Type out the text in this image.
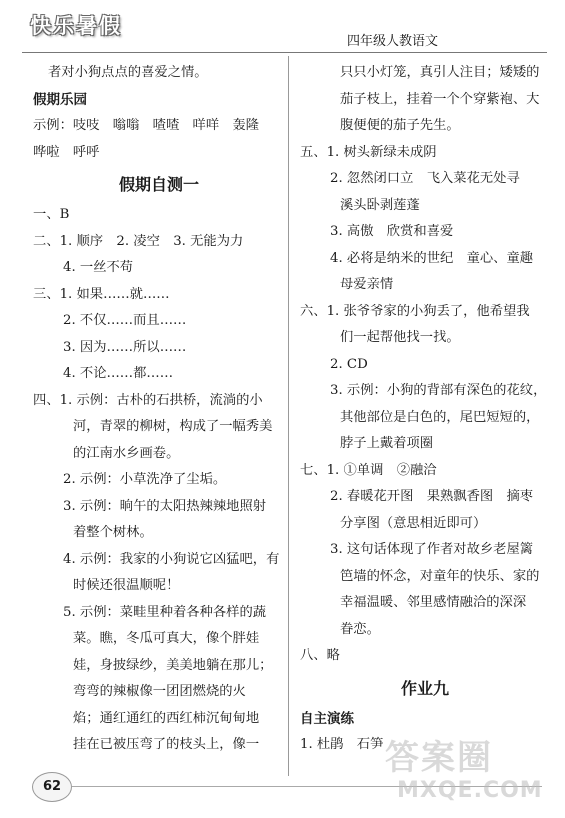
快乐暑假
四年级人教语文
者对小狗点点的喜爱之情。
假期乐园
示例：吱吱　嗡嗡　喳喳　咩咩　轰隆
哗啦　呼呼
假期自测一
一、B
二、1. 顺序　2. 凌空　3. 无能为力
4. 一丝不苟
三、1. 如果……就……
2. 不仅……而且……
3. 因为……所以……
4. 不论……都……
四、1. 示例：古朴的石拱桥，流淌的小
河，青翠的柳树，构成了一幅秀美
的江南水乡画卷。
2. 示例：小草洗净了尘垢。
3. 示例：晌午的太阳热辣辣地照射
着整个树林。
4. 示例：我家的小狗说它凶猛吧，有
时候还很温顺呢！
5. 示例：菜畦里种着各种各样的蔬
菜。瞧，冬瓜可真大，像个胖娃
娃，身披绿纱，美美地躺在那儿；
弯弯的辣椒像一团团燃烧的火
焰；通红通红的西红柿沉甸甸地
挂在已被压弯了的枝头上，像一
只只小灯笼，真引人注目；矮矮的
茄子枝上，挂着一个个穿紫袍、大
腹便便的茄子先生。
五、1. 树头新绿未成阴
2. 忽然闭口立　飞入菜花无处寻
溪头卧剥莲蓬
3. 高傲　欣赏和喜爱
4. 必将是纳米的世纪　童心、童趣
母爱亲情
六、1. 张爷爷家的小狗丢了，他希望我
们一起帮他找一找。
2. CD
3. 示例：小狗的背部有深色的花纹，
其他部位是白色的，尾巴短短的，
脖子上戴着项圈
七、1. ①单调　②融洽
2. 春暖花开图　果熟飘香图　摘枣
分享图（意思相近即可）
3. 这句话体现了作者对故乡老屋篱
笆墙的怀念，对童年的快乐、家的
幸福温暖、邻里感情融洽的深深
眷恋。
八、略
作业九
自主演练
1. 杜鹃　石笋
62
答案圈
MXQE.COM
